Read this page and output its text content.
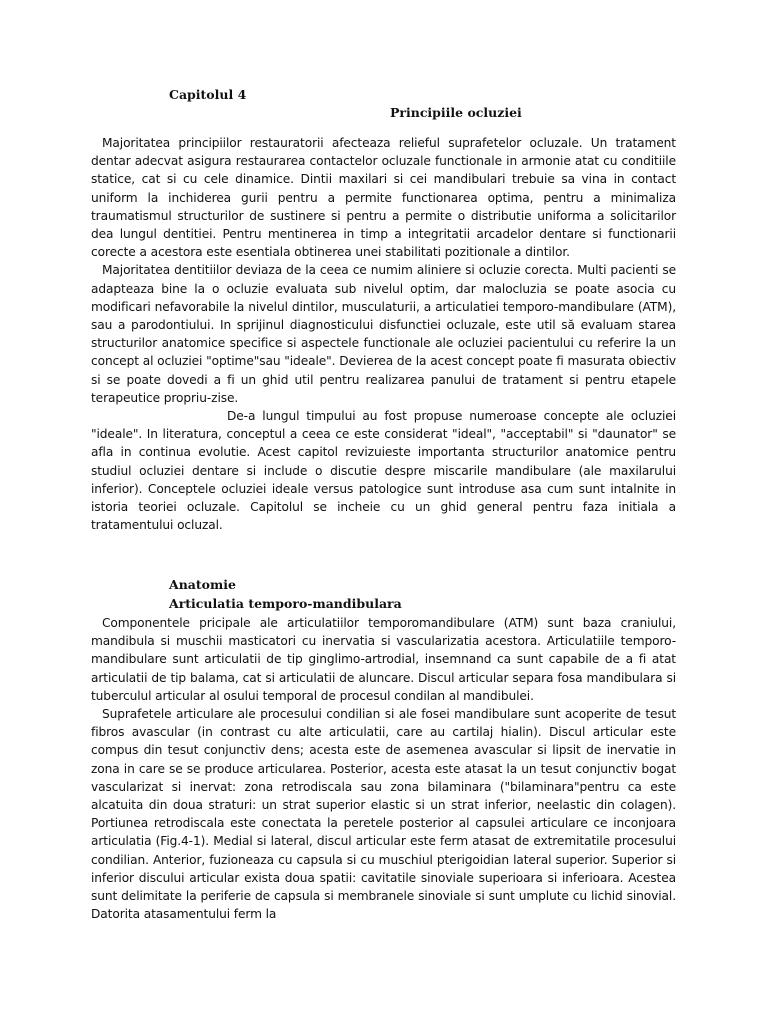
Capitolul 4
Principiile ocluziei

Majoritatea principiilor restauratorii afecteaza relieful suprafetelor ocluzale. Un tratament dentar adecvat asigura restaurarea contactelor ocluzale functionale in armonie atat cu conditiile statice, cat si cu cele dinamice. Dintii maxilari si cei mandibulari trebuie sa vina in contact uniform la inchiderea gurii pentru a permite functionarea optima, pentru a minimaliza traumatismul structurilor de sustinere si pentru a permite o distributie uniforma a solicitarilor dea lungul dentitiei. Pentru mentinerea in timp a integritatii arcadelor dentare si functionarii corecte a acestora este esentiala obtinerea unei stabilitati pozitionale a dintilor.

Majoritatea dentitiilor deviaza de la ceea ce numim aliniere si ocluzie corecta. Multi pacienti se adapteaza bine la o ocluzie evaluata sub nivelul optim, dar malocluzia se poate asocia cu modificari nefavorabile la nivelul dintilor, musculaturii, a articulatiei temporo-mandibulare (ATM), sau a parodontiului. In sprijinul diagnosticului disfunctiei ocluzale, este util să evaluam starea structurilor anatomice specifice si aspectele functionale ale ocluziei pacientului cu referire la un concept al ocluziei "optime"sau "ideale". Devierea de la acest concept poate fi masurata obiectiv si se poate dovedi a fi un ghid util pentru realizarea panului de tratament si pentru etapele terapeutice propriu-zise.

De-a lungul timpului au fost propuse numeroase concepte ale ocluziei "ideale". In literatura, conceptul a ceea ce este considerat "ideal", "acceptabil" si "daunator" se afla in continua evolutie. Acest capitol revizuieste importanta structurilor anatomice pentru studiul ocluziei dentare si include o discutie despre miscarile mandibulare (ale maxilarului inferior). Conceptele ocluziei ideale versus patologice sunt introduse asa cum sunt intalnite in istoria teoriei ocluzale. Capitolul se incheie cu un ghid general pentru faza initiala a tratamentului ocluzal.

Anatomie
Articulatia temporo-mandibulara

Componentele pricipale ale articulatiilor temporomandibulare (ATM) sunt baza craniului, mandibula si muschii masticatori cu inervatia si vascularizatia acestora. Articulatiile temporo-mandibulare sunt articulatii de tip ginglimo-artrodial, insemnand ca sunt capabile de a fi atat articulatii de tip balama, cat si articulatii de aluncare. Discul articular separa fosa mandibulara si tuberculul articular al osului temporal de procesul condilan al mandibulei.

Suprafetele articulare ale procesului condilian si ale fosei mandibulare sunt acoperite de tesut fibros avascular (in contrast cu alte articulatii, care au cartilaj hialin). Discul articular este compus din tesut conjunctiv dens; acesta este de asemenea avascular si lipsit de inervatie in zona in care se se produce articularea. Posterior, acesta este atasat la un tesut conjunctiv bogat vascularizat si inervat: zona retrodiscala sau zona bilaminara ("bilaminara"pentru ca este alcatuita din doua straturi: un strat superior elastic si un strat inferior, neelastic din colagen). Portiunea retrodiscala este conectata la peretele posterior al capsulei articulare ce inconjoara articulatia (Fig.4-1). Medial si lateral, discul articular este ferm atasat de extremitatile procesului condilian. Anterior, fuzioneaza cu capsula si cu muschiul pterigoidian lateral superior. Superior si inferior discului articular exista doua spatii: cavitatile sinoviale superioara si inferioara. Acestea sunt delimitate la periferie de capsula si membranele sinoviale si sunt umplute cu lichid sinovial. Datorita atasamentului ferm la
